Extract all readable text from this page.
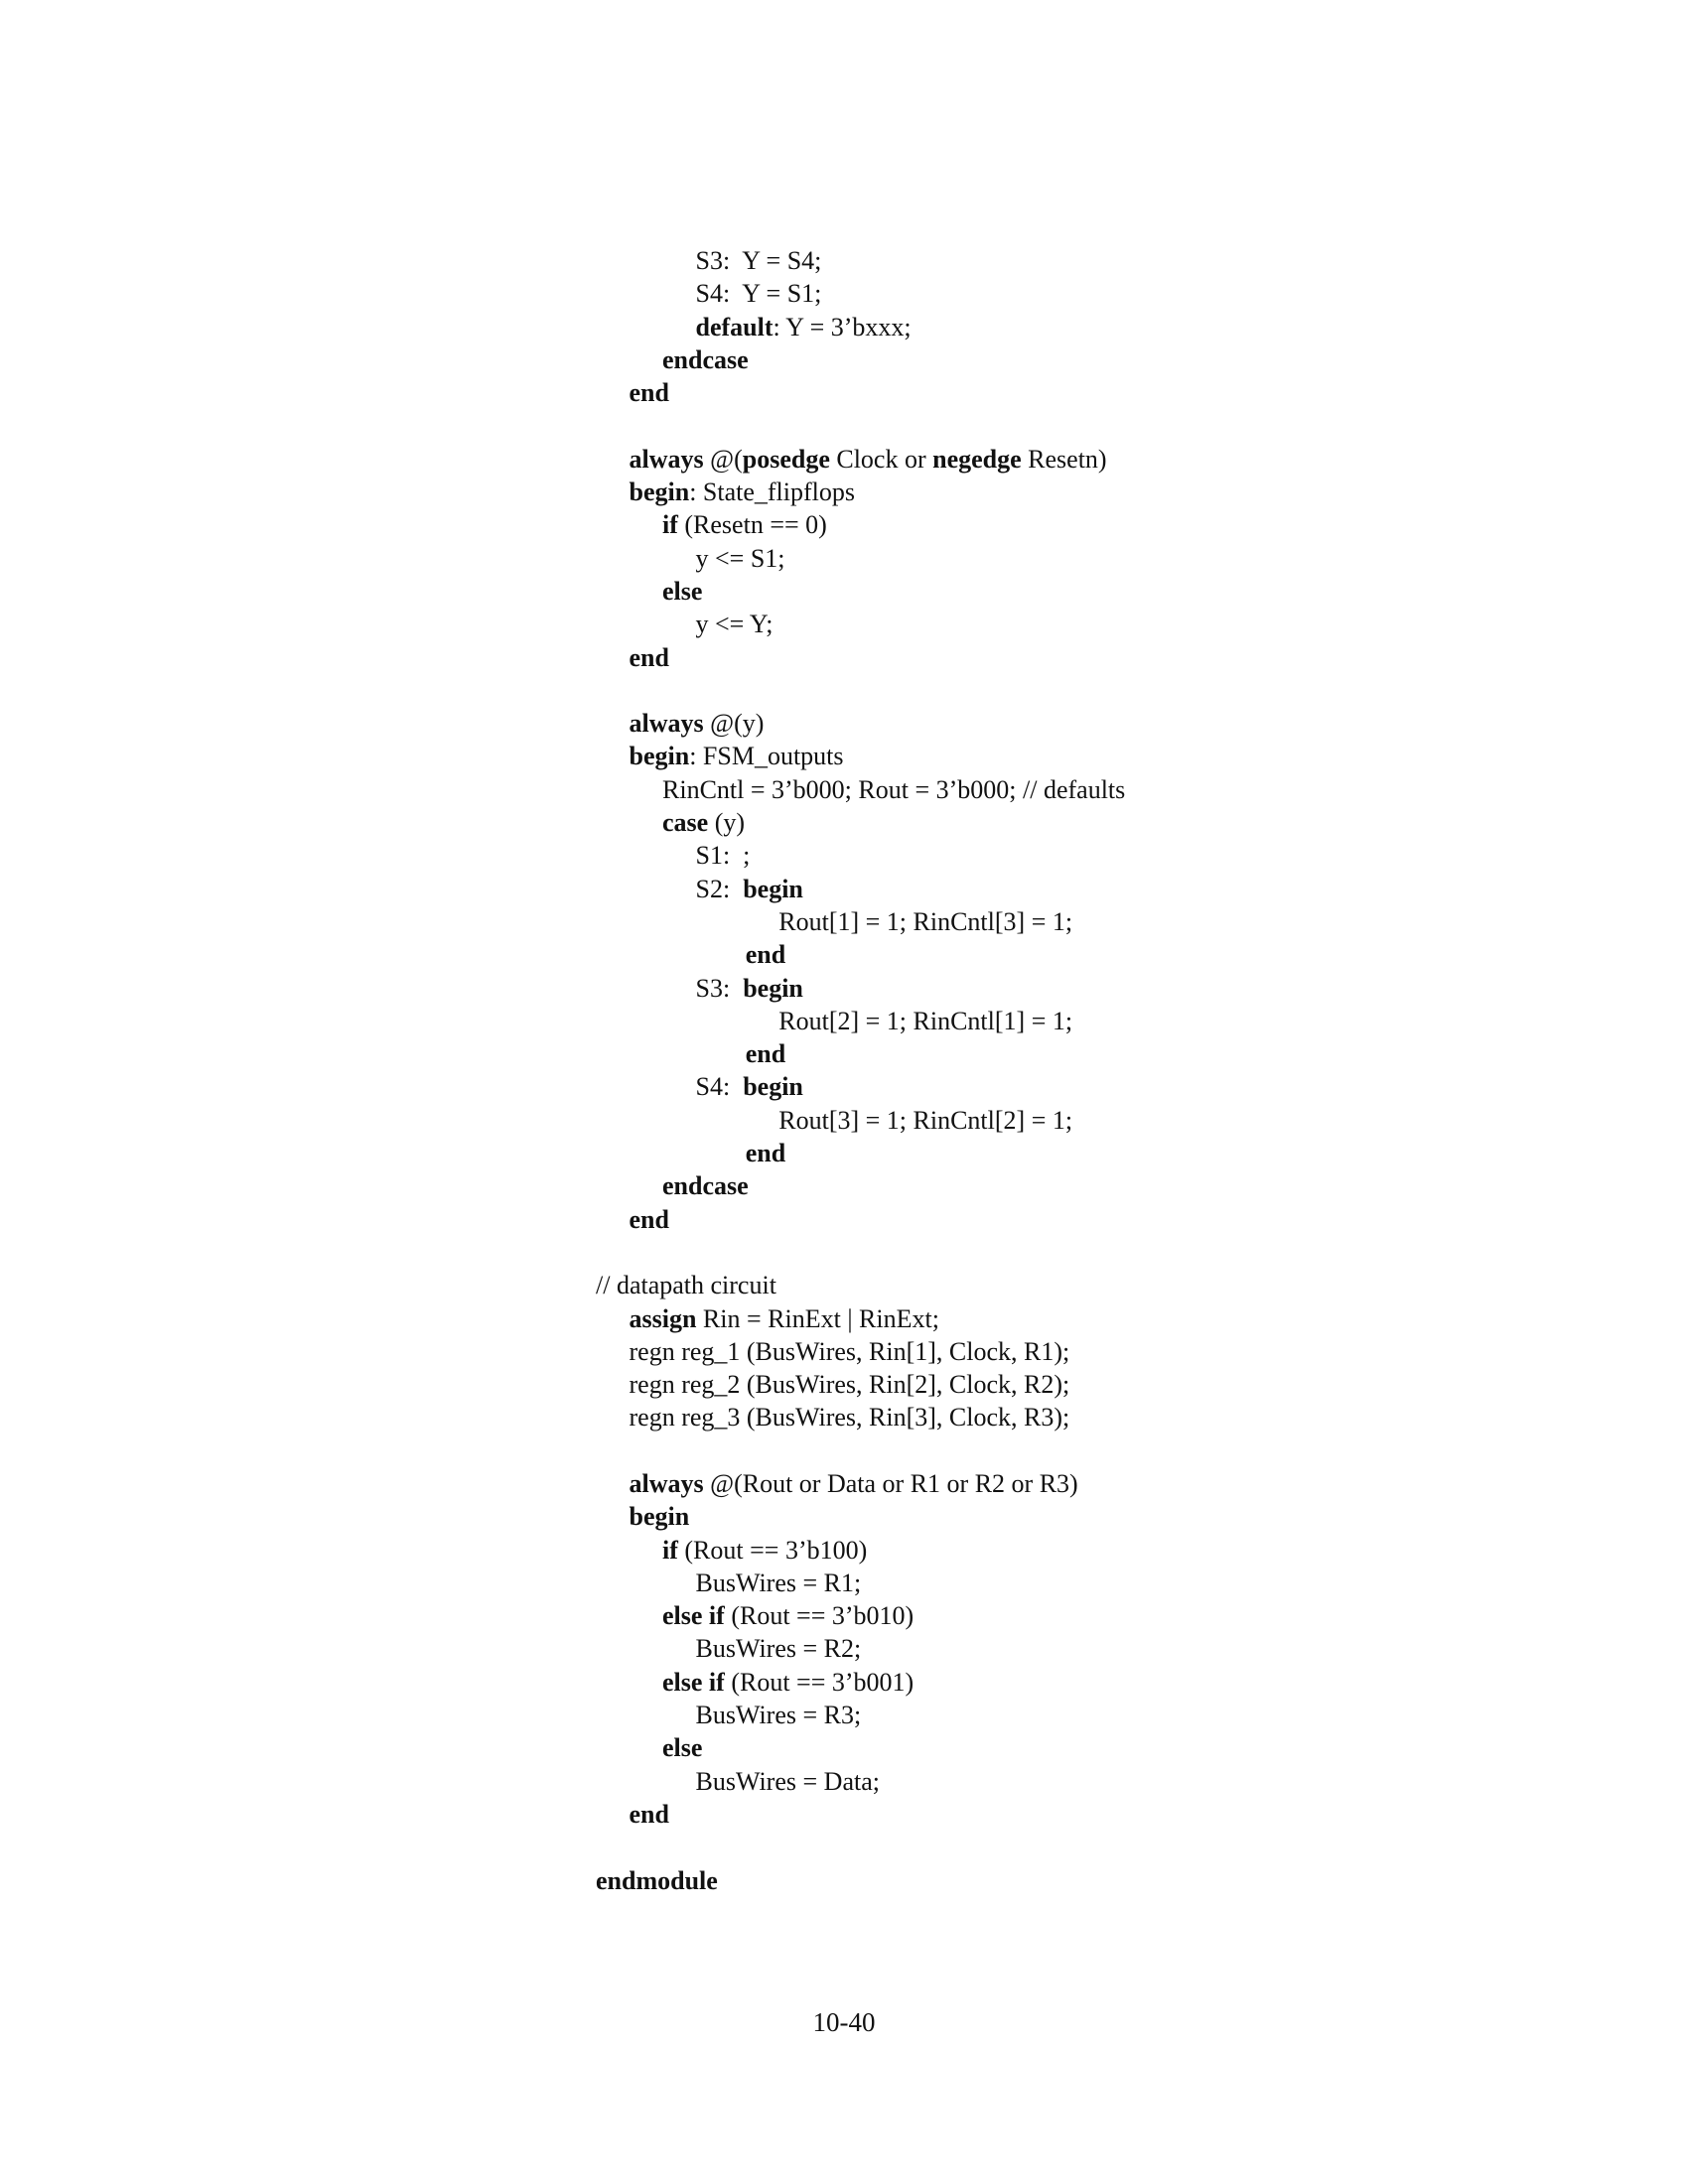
S3:  Y = S4;
S4:  Y = S1;
default: Y = 3’bxxx;
endcase
end
always @(posedge Clock or negedge Resetn)
begin: State_flipflops
if (Resetn == 0)
y <= S1;
else
y <= Y;
end
always @(y)
begin: FSM_outputs
RinCntl = 3’b000; Rout = 3’b000; // defaults
case (y)
S1:  ;
S2:  begin
Rout[1] = 1; RinCntl[3] = 1;
end
S3:  begin
Rout[2] = 1; RinCntl[1] = 1;
end
S4:  begin
Rout[3] = 1; RinCntl[2] = 1;
end
endcase
end
// datapath circuit
assign Rin = RinExt | RinExt;
regn reg_1 (BusWires, Rin[1], Clock, R1);
regn reg_2 (BusWires, Rin[2], Clock, R2);
regn reg_3 (BusWires, Rin[3], Clock, R3);
always @(Rout or Data or R1 or R2 or R3)
begin
if (Rout == 3’b100)
BusWires = R1;
else if (Rout == 3’b010)
BusWires = R2;
else if (Rout == 3’b001)
BusWires = R3;
else
BusWires = Data;
end
endmodule
10-40
